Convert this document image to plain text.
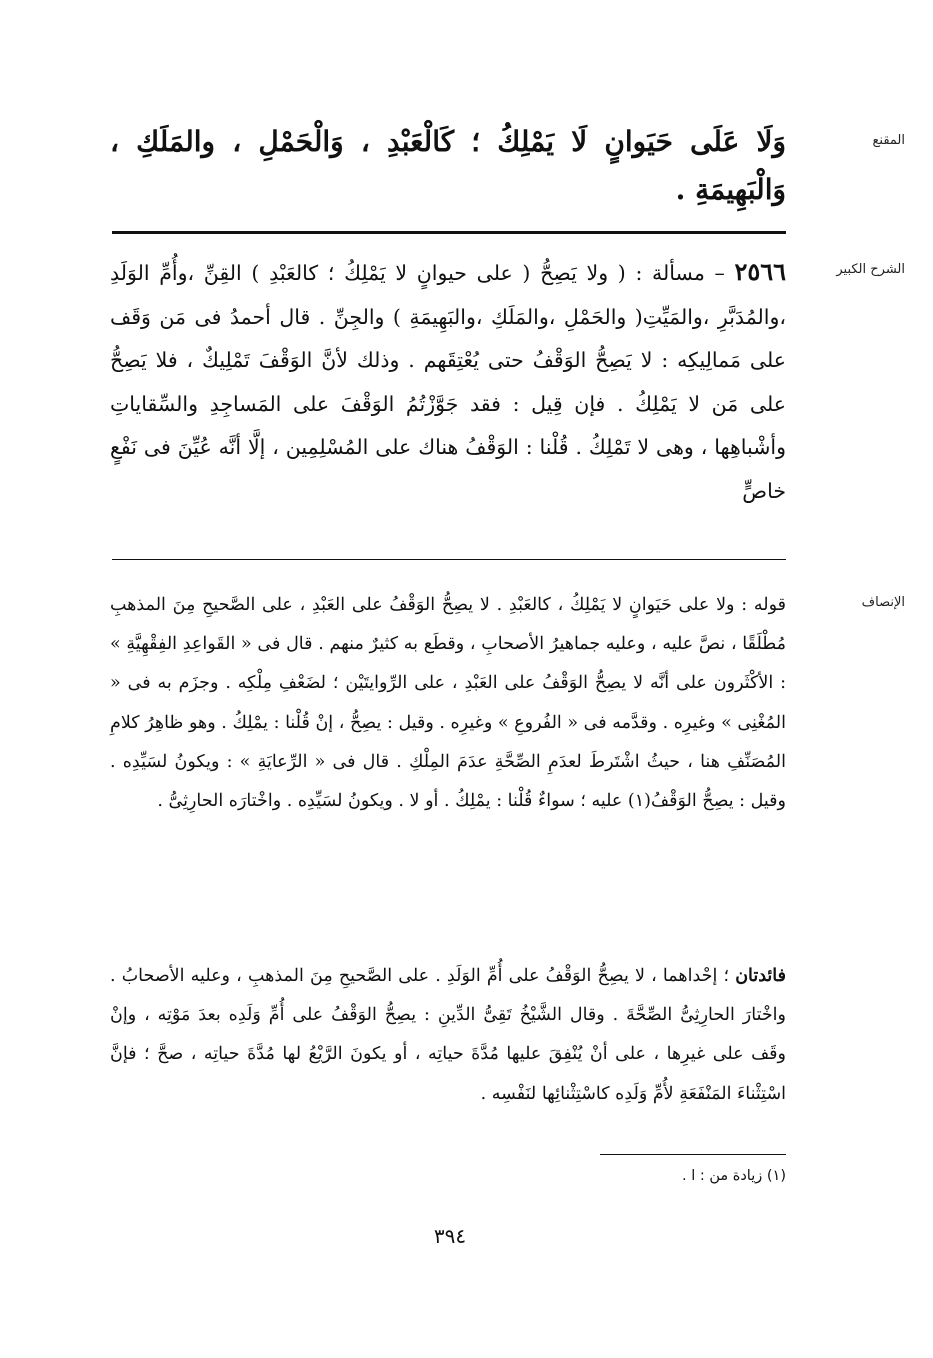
المقنع
الشرح الكبير
الإنصاف

وَلَا عَلَى حَيَوانٍ لَا يَمْلِكُ ؛ كَالْعَبْدِ ، وَالْحَمْلِ ، والمَلَكِ ، وَالْبَهِيمَةِ .

٢٥٦٦ – مسألة : ( ولا يَصِحُّ ( على حيوانٍ لا يَمْلِكُ ؛ كالعَبْدِ ) القِنِّ ،وأُمِّ الوَلَدِ ،والمُدَبَّرِ ،والمَيِّتِ( والحَمْلِ ،والمَلَكِ ،والبَهِيمَةِ ) والجِنِّ . قال أحمدُ فى مَن وَقَف على مَمالِيكِه : لا يَصِحُّ الوَقْفُ حتى يُعْتِقَهم . وذلك لأنَّ الوَقْفَ تَمْلِيكٌ ، فلا يَصِحُّ على مَن لا يَمْلِكُ . فإن قِيل : فقد جَوَّزْتُمُ الوَقْفَ على المَساجِدِ والسِّقاياتِ وأشْباهِها ، وهى لا تَمْلِكُ . قُلْنا : الوَقْفُ هناك على المُسْلِمِين ، إلَّا أنَّه عُيِّنَ فى نَفْعٍ خاصٍّ

قوله : ولا على حَيَوانٍ لا يَمْلِكُ ، كالعَبْدِ . لا يصِحُّ الوَقْفُ على العَبْدِ ، على الصَّحيحِ مِنَ المذهبِ مُطْلَقًا ، نصَّ عليه ، وعليه جماهيرُ الأصحابِ ، وقطَع به كثيرٌ منهم . قال فى « القَواعِدِ الفِقْهِيَّةِ » : الأكْثَرون على أنَّه لا يصِحُّ الوَقْفُ على العَبْدِ ، على الرِّوايتَيْن ؛ لضَعْفِ مِلْكِه . وجزَم به فى « المُغْنِى » وغيرِه . وقدَّمه فى « الفُروعِ » وغيرِه . وقيل : يصِحُّ ، إنْ قُلْنا : يمْلِكُ . وهو ظاهِرُ كلامِ المُصَنِّفِ هنا ، حيثُ اشْتَرطَ لعدَمِ الصِّحَّةِ عدَمَ المِلْكِ . قال فى « الرِّعايَةِ » : ويكونُ لسَيِّدِه . وقيل : يصِحُّ الوَقْفُ(١) عليه ؛ سواءٌ قُلْنا : يمْلِكُ . أو لا . ويكونُ لسَيِّدِه . واخْتارَه الحارِثِىُّ .

فائدتان ؛ إحْداهما ، لا يصِحُّ الوَقْفُ على أُمِّ الوَلَدِ . على الصَّحيحِ مِنَ المذهبِ ، وعليه الأصحابُ . واخْتارَ الحارِثِىُّ الصِّحَّةَ . وقال الشَّيْخُ تَقِىُّ الدِّينِ : يصِحُّ الوَقْفُ على أُمِّ وَلَدِه بعدَ مَوْتِه ، وإنْ وقَف على غيرِها ، على أنْ يُنْفِقَ عليها مُدَّةَ حياتِه ، أو يكونَ الرَّيْعُ لها مُدَّةَ حياتِه ، صحَّ ؛ فإنَّ اسْتِثْناءَ المَنْفَعَةِ لأُمِّ وَلَدِه كاسْتِثْنائِها لنَفْسِه .

(١) زيادة من : ا .
٣٩٤
